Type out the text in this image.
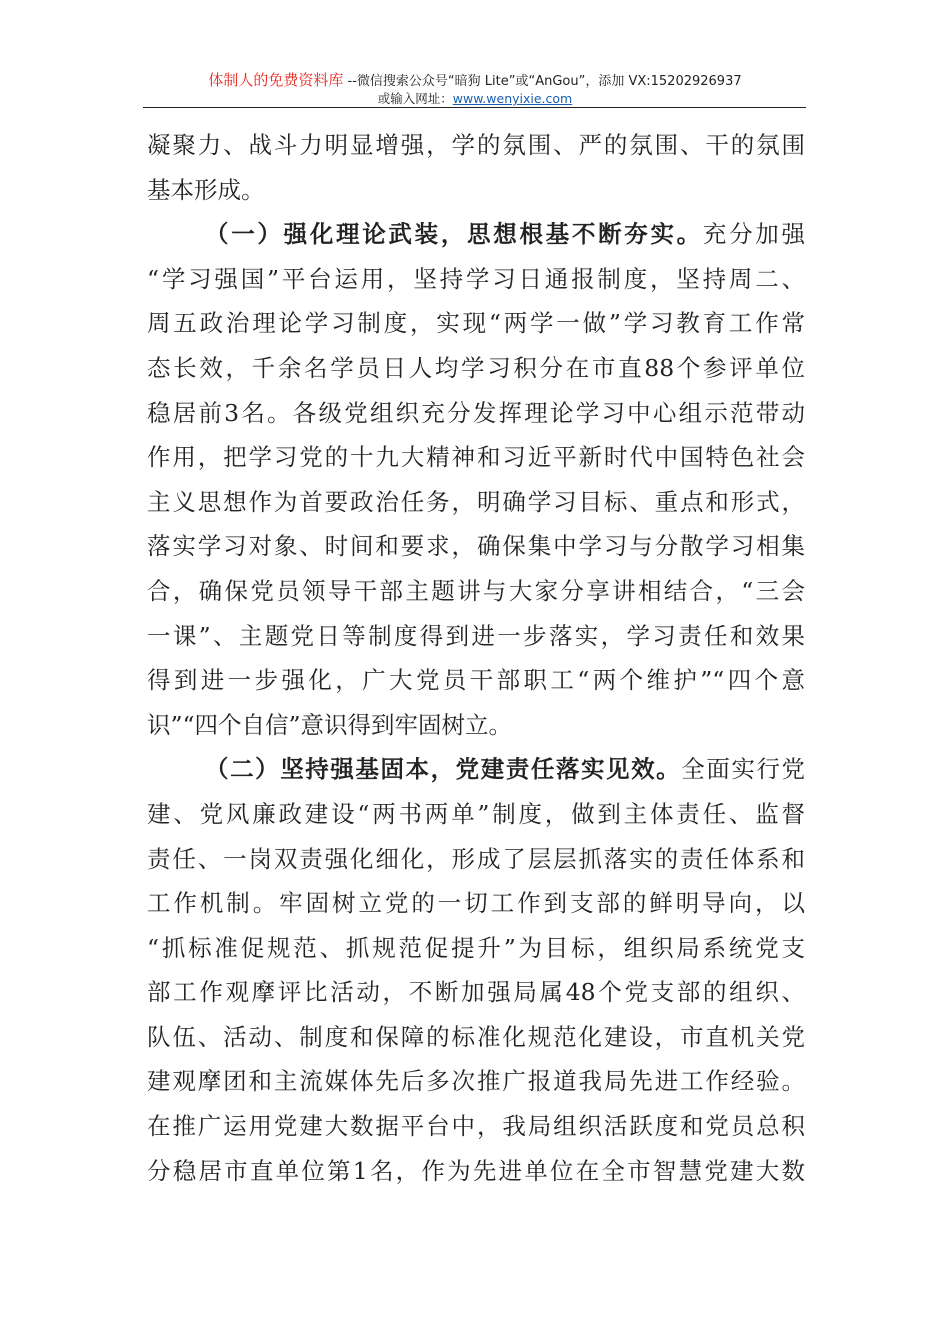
体制人的免费资料库 --微信搜索公众号“暗狗 Lite”或“AnGou”，添加 VX:15202926937
或输入网址：www.wenyixie.com
凝聚力、战斗力明显增强，学的氛围、严的氛围、干的氛围
基本形成。
（一）强化理论武装，思想根基不断夯实。充分加强
“学习强国”平台运用，坚持学习日通报制度，坚持周二、
周五政治理论学习制度，实现“两学一做”学习教育工作常
态长效，千余名学员日人均学习积分在市直88个参评单位
稳居前3名。各级党组织充分发挥理论学习中心组示范带动
作用，把学习党的十九大精神和习近平新时代中国特色社会
主义思想作为首要政治任务，明确学习目标、重点和形式，
落实学习对象、时间和要求，确保集中学习与分散学习相集
合，确保党员领导干部主题讲与大家分享讲相结合，“三会
一课”、主题党日等制度得到进一步落实，学习责任和效果
得到进一步强化，广大党员干部职工“两个维护”“四个意
识”“四个自信”意识得到牢固树立。
（二）坚持强基固本，党建责任落实见效。全面实行党
建、党风廉政建设“两书两单”制度，做到主体责任、监督
责任、一岗双责强化细化，形成了层层抓落实的责任体系和
工作机制。牢固树立党的一切工作到支部的鲜明导向，以
“抓标准促规范、抓规范促提升”为目标，组织局系统党支
部工作观摩评比活动，不断加强局属48个党支部的组织、
队伍、活动、制度和保障的标准化规范化建设，市直机关党
建观摩团和主流媒体先后多次推广报道我局先进工作经验。
在推广运用党建大数据平台中，我局组织活跃度和党员总积
分稳居市直单位第1名，作为先进单位在全市智慧党建大数
